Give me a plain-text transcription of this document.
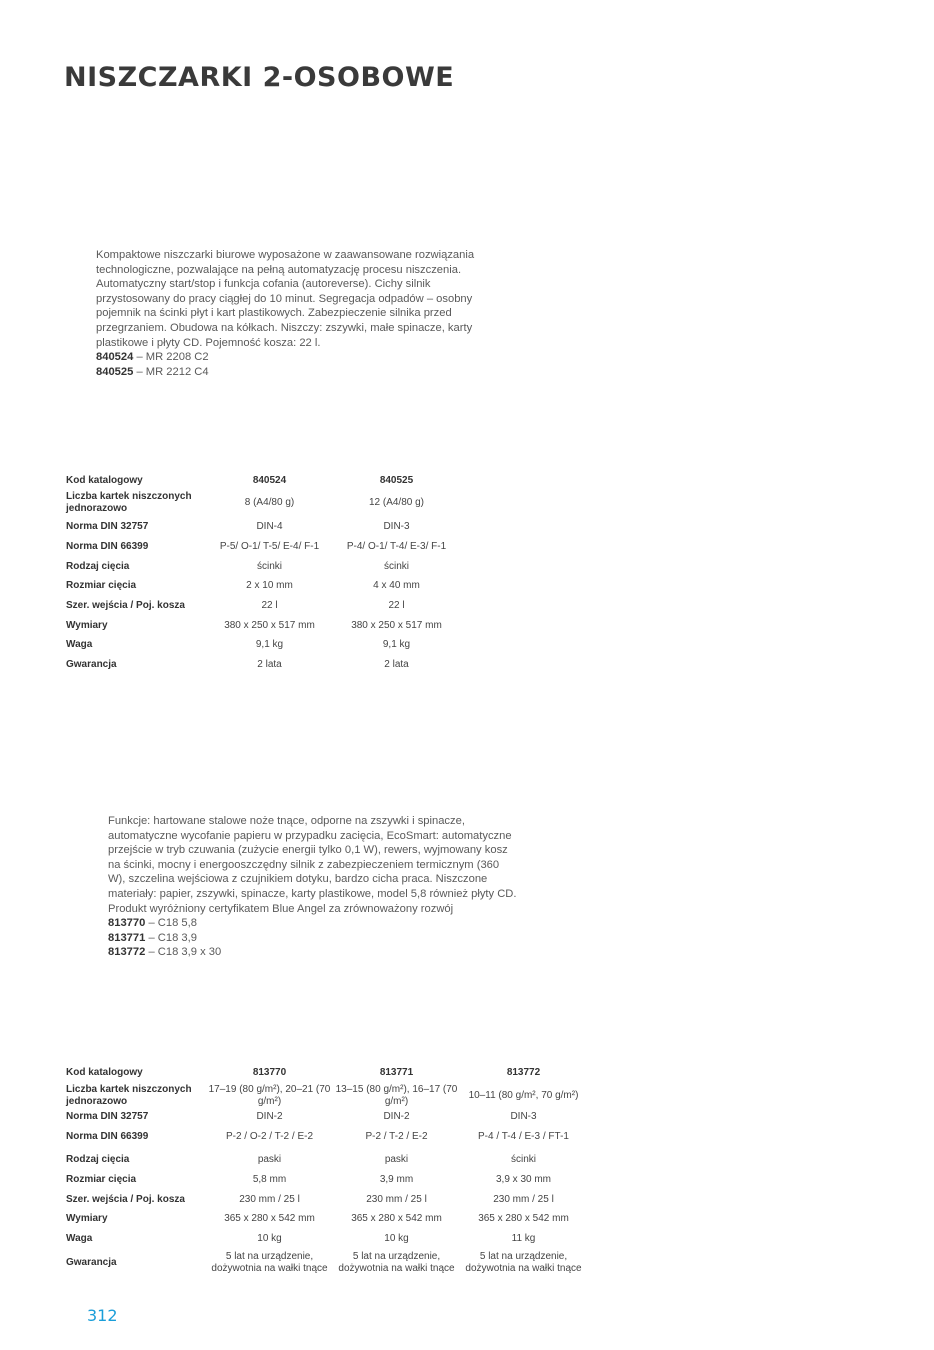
NISZCZARKI 2-OSOBOWE
Kompaktowe niszczarki biurowe wyposażone w zaawansowane rozwiązania technologiczne, pozwalające na pełną automatyzację procesu niszczenia. Automatyczny start/stop i funkcja cofania (autoreverse). Cichy silnik przystosowany do pracy ciągłej do 10 minut. Segregacja odpadów – osobny pojemnik na ścinki płyt i kart plastikowych. Zabezpieczenie silnika przed przegrzaniem. Obudowa na kółkach. Niszczy: zszywki, małe spinacze, karty plastikowe i płyty CD. Pojemność kosza: 22 l.
840524 – MR 2208 C2
840525 – MR 2212 C4
Kod katalogowy	840524	840525
Liczba kartek niszczonych jednorazowo	8 (A4/80 g)	12 (A4/80 g)
Norma DIN 32757	DIN-4	DIN-3
Norma DIN 66399	P-5/ O-1/ T-5/ E-4/ F-1	P-4/ O-1/ T-4/ E-3/ F-1
Rodzaj cięcia	ścinki	ścinki
Rozmiar cięcia	2 x 10 mm	4 x 40 mm
Szer. wejścia / Poj. kosza	22 l	22 l
Wymiary	380 x 250 x 517 mm	380 x 250 x 517 mm
Waga	9,1 kg	9,1 kg
Gwarancja	2 lata	2 lata
Funkcje: hartowane stalowe noże tnące, odporne na zszywki i spinacze, automatyczne wycofanie papieru w przypadku zacięcia, EcoSmart: automatyczne przejście w tryb czuwania (zużycie energii tylko 0,1 W), rewers, wyjmowany kosz na ścinki, mocny i energooszczędny silnik z zabezpieczeniem termicznym (360 W), szczelina wejściowa z czujnikiem dotyku, bardzo cicha praca. Niszczone materiały: papier, zszywki, spinacze, karty plastikowe, model 5,8 również płyty CD. Produkt wyróżniony certyfikatem Blue Angel za zrównoważony rozwój
813770 – C18 5,8
813771 – C18 3,9
813772 – C18 3,9 x 30
Kod katalogowy	813770	813771	813772
Liczba kartek niszczonych jednorazowo	17–19 (80 g/m²), 20–21 (70 g/m²)	13–15 (80 g/m²), 16–17 (70 g/m²)	10–11 (80 g/m², 70 g/m²)
Norma DIN 32757	DIN-2	DIN-2	DIN-3
Norma DIN 66399	P-2 / O-2 / T-2 / E-2	P-2 / T-2 / E-2	P-4 / T-4 / E-3 / FT-1
Rodzaj cięcia	paski	paski	ścinki
Rozmiar cięcia	5,8 mm	3,9 mm	3,9 x 30 mm
Szer. wejścia / Poj. kosza	230 mm / 25 l	230 mm / 25 l	230 mm / 25 l
Wymiary	365 x 280 x 542 mm	365 x 280 x 542 mm	365 x 280 x 542 mm
Waga	10 kg	10 kg	11 kg
Gwarancja	5 lat na urządzenie, dożywotnia na wałki tnące	5 lat na urządzenie, dożywotnia na wałki tnące	5 lat na urządzenie, dożywotnia na wałki tnące
312
